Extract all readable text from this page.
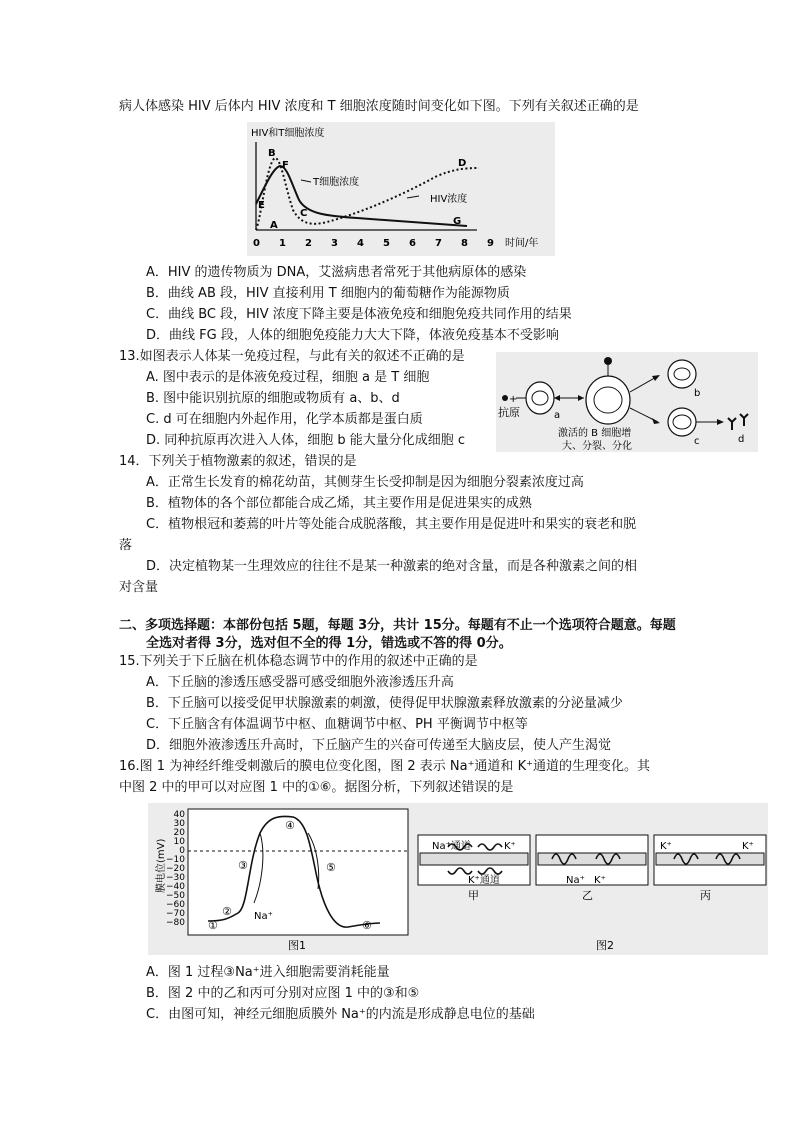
病人体感染 HIV 后体内 HIV 浓度和 T 细胞浓度随时间变化如下图。下列有关叙述正确的是
HIV和T细胞浓度
B
F
E
A
C
D
G
T细胞浓度
HIV浓度
0 1 2 3 4 5 6 7 8 9 时间/年
A．HIV 的遗传物质为 DNA，艾滋病患者常死于其他病原体的感染
B．曲线 AB 段，HIV 直接利用 T 细胞内的葡萄糖作为能源物质
C．曲线 BC 段，HIV 浓度下降主要是体液免疫和细胞免疫共同作用的结果
D．曲线 FG 段，人体的细胞免疫能力大大下降，体液免疫基本不受影响
13.如图表示人体某一免疫过程，与此有关的叙述不正确的是
A. 图中表示的是体液免疫过程，细胞 a 是 T 细胞
B. 图中能识别抗原的细胞或物质有 a、b、d
C. d 可在细胞内外起作用，化学本质都是蛋白质
D. 同种抗原再次进入人体，细胞 b 能大量分化成细胞 c
+
抗原	a
激活的 B 细胞增
大、分裂、分化
b
c	d
14．下列关于植物激素的叙述，错误的是
A．正常生长发育的棉花幼苗，其侧芽生长受抑制是因为细胞分裂素浓度过高
B．植物体的各个部位都能合成乙烯，其主要作用是促进果实的成熟
C．植物根冠和萎蔫的叶片等处能合成脱落酸，其主要作用是促进叶和果实的衰老和脱
落
D．决定植物某一生理效应的往往不是某一种激素的绝对含量，而是各种激素之间的相
对含量
二、多项选择题：本部份包括 5题，每题 3分，共计 15分。每题有不止一个选项符合题意。每题
全选对者得 3分，选对但不全的得 1分，错选或不答的得 0分。
15.下列关于下丘脑在机体稳态调节中的作用的叙述中正确的是
A．下丘脑的渗透压感受器可感受细胞外液渗透压升高
B．下丘脑可以接受促甲状腺激素的刺激，使得促甲状腺激素释放激素的分泌量减少
C．下丘脑含有体温调节中枢、血糖调节中枢、PH 平衡调节中枢等
D．细胞外液渗透压升高时，下丘脑产生的兴奋可传递至大脑皮层，使人产生渴觉
16.图 1 为神经纤维受刺激后的膜电位变化图，图 2 表示 Na⁺通道和 K⁺通道的生理变化。其
中图 2 中的甲可以对应图 1 中的①⑥。据图分析，下列叙述错误的是
膜电位(mV)
40
30
20
10
0
−10
−20
−30
−40
−50
−60
−70
−80 ①
②
③
④
⑤
⑥
Na⁺
图1
Na⁺通道	K⁺
K⁺通道
甲
Na⁺ K⁺
乙
K⁺	K⁺
丙
图2
A．图 1 过程③Na⁺进入细胞需要消耗能量
B．图 2 中的乙和丙可分别对应图 1 中的③和⑤
C．由图可知，神经元细胞质膜外 Na⁺的内流是形成静息电位的基础
